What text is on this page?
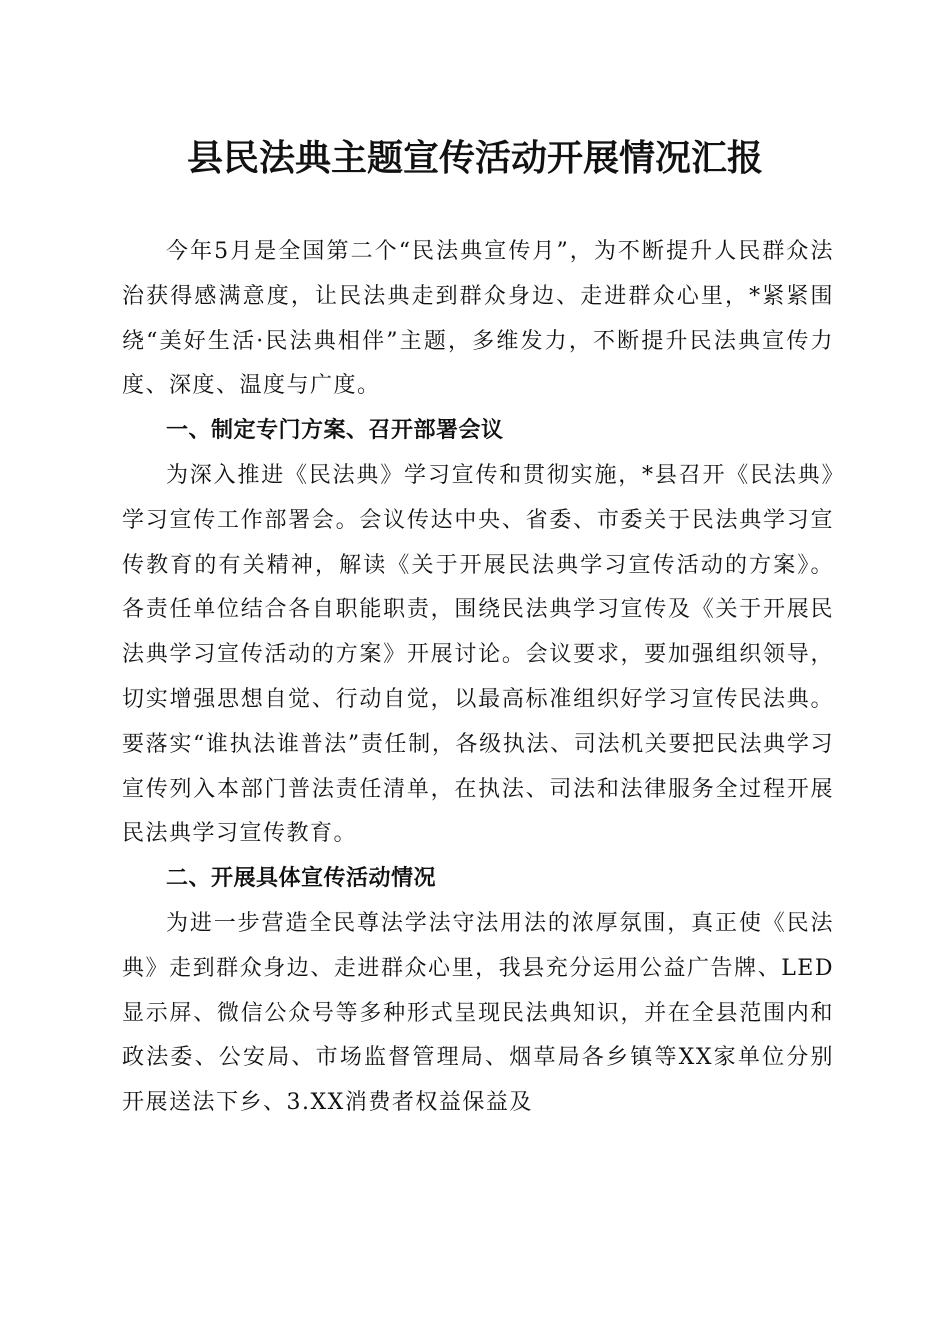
县民法典主题宣传活动开展情况汇报

今年5月是全国第二个“民法典宣传月”，为不断提升人民群众法治获得感满意度，让民法典走到群众身边、走进群众心里，*紧紧围绕“美好生活·民法典相伴”主题，多维发力，不断提升民法典宣传力度、深度、温度与广度。

一、制定专门方案、召开部署会议

为深入推进《民法典》学习宣传和贯彻实施，*县召开《民法典》学习宣传工作部署会。会议传达中央、省委、市委关于民法典学习宣传教育的有关精神，解读《关于开展民法典学习宣传活动的方案》。各责任单位结合各自职能职责，围绕民法典学习宣传及《关于开展民法典学习宣传活动的方案》开展讨论。会议要求，要加强组织领导，切实增强思想自觉、行动自觉，以最高标准组织好学习宣传民法典。要落实“谁执法谁普法”责任制，各级执法、司法机关要把民法典学习宣传列入本部门普法责任清单，在执法、司法和法律服务全过程开展民法典学习宣传教育。

二、开展具体宣传活动情况

为进一步营造全民尊法学法守法用法的浓厚氛围，真正使《民法典》走到群众身边、走进群众心里，我县充分运用公益广告牌、LED显示屏、微信公众号等多种形式呈现民法典知识，并在全县范围内和政法委、公安局、市场监督管理局、烟草局各乡镇等XX家单位分别开展送法下乡、3.XX消费者权益保益及
